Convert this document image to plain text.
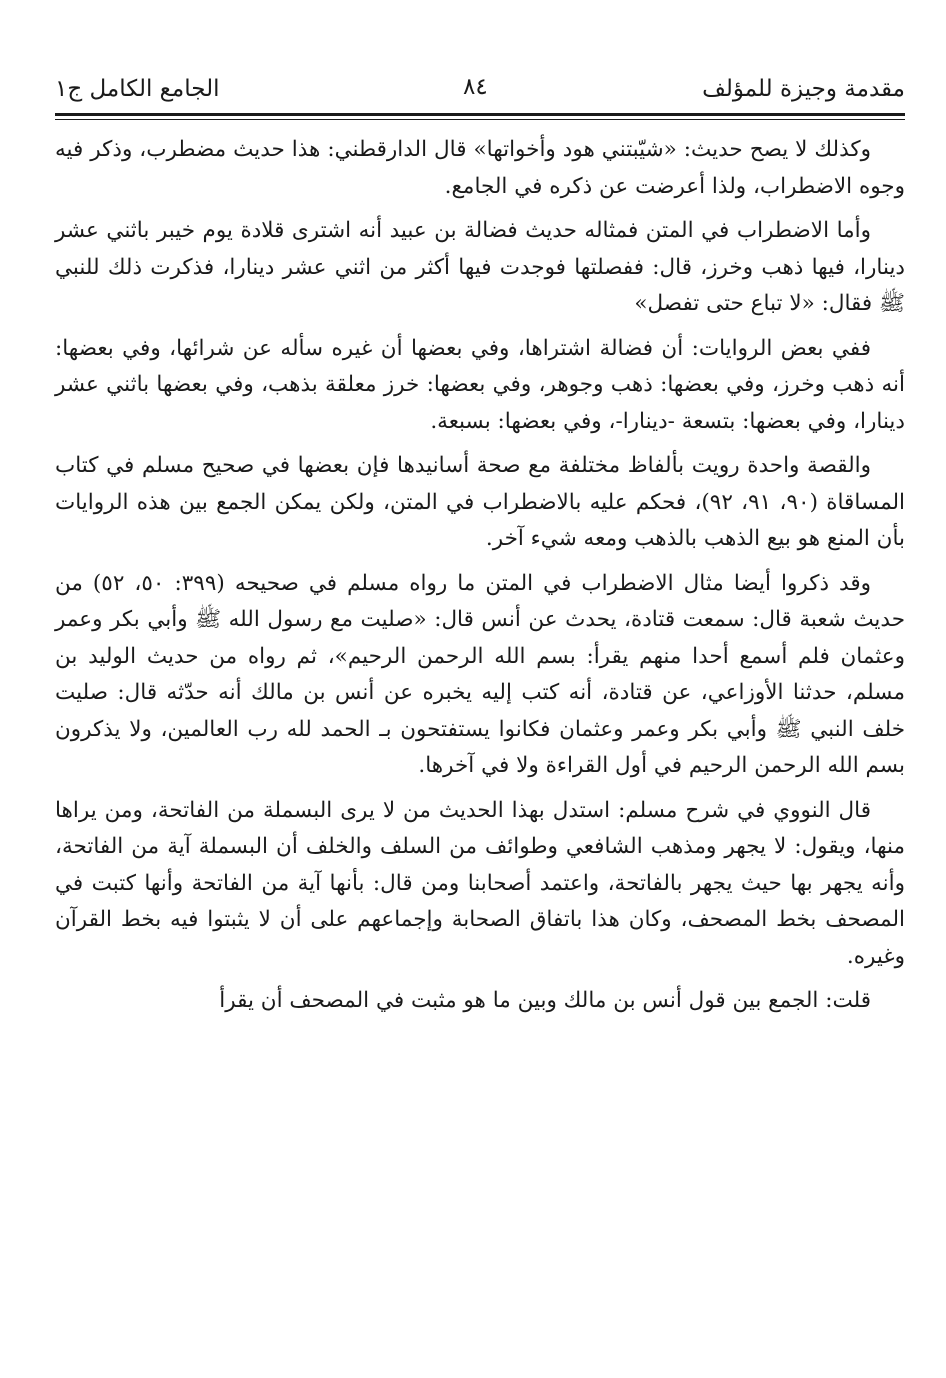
مقدمة وجيزة للمؤلف
٨٤
الجامع الكامل ج١

وكذلك لا يصح حديث: «شيّبتني هود وأخواتها» قال الدارقطني: هذا حديث مضطرب، وذكر فيه وجوه الاضطراب، ولذا أعرضت عن ذكره في الجامع.

وأما الاضطراب في المتن فمثاله حديث فضالة بن عبيد أنه اشترى قلادة يوم خيبر باثني عشر دينارا، فيها ذهب وخرز، قال: ففصلتها فوجدت فيها أكثر من اثني عشر دينارا، فذكرت ذلك للنبي ﷺ فقال: «لا تباع حتى تفصل»

ففي بعض الروايات: أن فضالة اشتراها، وفي بعضها أن غيره سأله عن شرائها، وفي بعضها: أنه ذهب وخرز، وفي بعضها: ذهب وجوهر، وفي بعضها: خرز معلقة بذهب، وفي بعضها باثني عشر دينارا، وفي بعضها: بتسعة -دينارا-، وفي بعضها: بسبعة.

والقصة واحدة رويت بألفاظ مختلفة مع صحة أسانيدها فإن بعضها في صحيح مسلم في كتاب المساقاة (٩٠، ٩١، ٩٢)، فحكم عليه بالاضطراب في المتن، ولكن يمكن الجمع بين هذه الروايات بأن المنع هو بيع الذهب بالذهب ومعه شيء آخر.

وقد ذكروا أيضا مثال الاضطراب في المتن ما رواه مسلم في صحيحه (٣٩٩: ٥٠، ٥٢) من حديث شعبة قال: سمعت قتادة، يحدث عن أنس قال: «صليت مع رسول الله ﷺ وأبي بكر وعمر وعثمان فلم أسمع أحدا منهم يقرأ: بسم الله الرحمن الرحيم»، ثم رواه من حديث الوليد بن مسلم، حدثنا الأوزاعي، عن قتادة، أنه كتب إليه يخبره عن أنس بن مالك أنه حدّثه قال: صليت خلف النبي ﷺ وأبي بكر وعمر وعثمان فكانوا يستفتحون بـ الحمد لله رب العالمين، ولا يذكرون بسم الله الرحمن الرحيم في أول القراءة ولا في آخرها.

قال النووي في شرح مسلم: استدل بهذا الحديث من لا يرى البسملة من الفاتحة، ومن يراها منها، ويقول: لا يجهر ومذهب الشافعي وطوائف من السلف والخلف أن البسملة آية من الفاتحة، وأنه يجهر بها حيث يجهر بالفاتحة، واعتمد أصحابنا ومن قال: بأنها آية من الفاتحة وأنها كتبت في المصحف بخط المصحف، وكان هذا باتفاق الصحابة وإجماعهم على أن لا يثبتوا فيه بخط القرآن وغيره.

قلت: الجمع بين قول أنس بن مالك وبين ما هو مثبت في المصحف أن يقرأ
